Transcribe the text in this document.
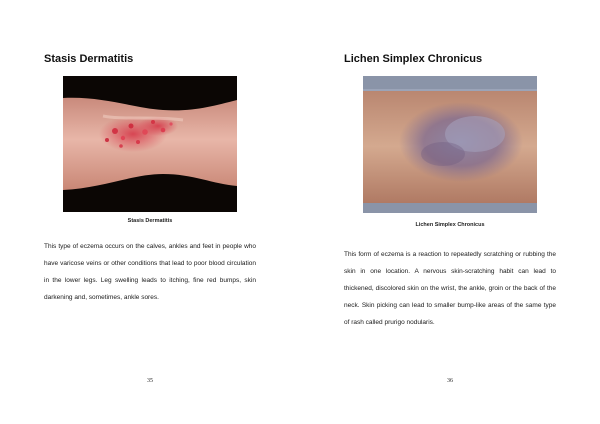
Stasis Dermatitis
Stasis Dermatitis

This type of eczema occurs on the calves, ankles and feet in people who have varicose veins or other conditions that lead to poor blood circulation in the lower legs. Leg swelling leads to itching, fine red bumps, skin darkening and, sometimes, ankle sores.

35
Lichen Simplex Chronicus
Lichen Simplex Chronicus

This form of eczema is a reaction to repeatedly scratching or rubbing the skin in one location. A nervous skin-scratching habit can lead to thickened, discolored skin on the wrist, the ankle, groin or the back of the neck. Skin picking can lead to smaller bump-like areas of the same type of rash called prurigo nodularis.

36
